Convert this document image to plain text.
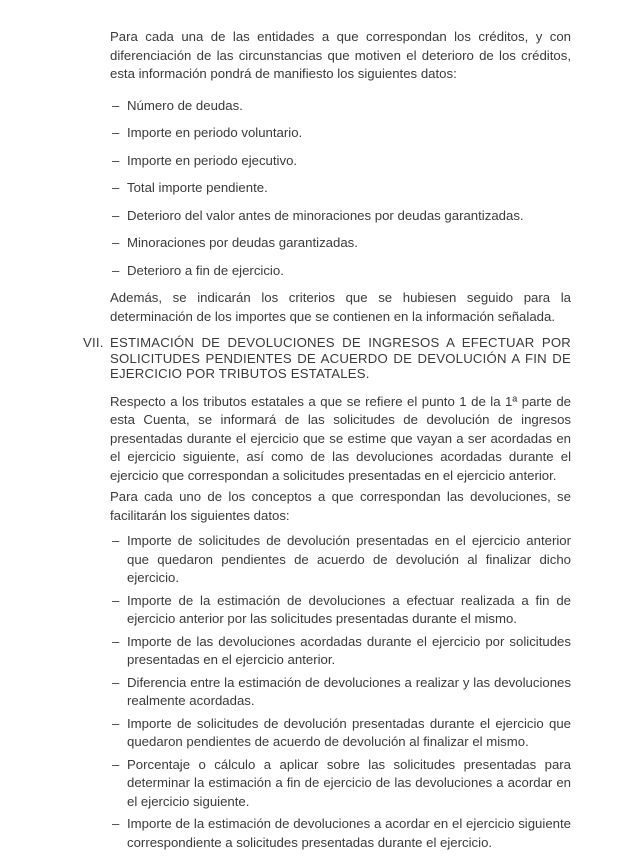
Para cada una de las entidades a que correspondan los créditos, y con diferenciación de las circunstancias que motiven el deterioro de los créditos, esta información pondrá de manifiesto los siguientes datos:

– Número de deudas.
– Importe en periodo voluntario.
– Importe en periodo ejecutivo.
– Total importe pendiente.
– Deterioro del valor antes de minoraciones por deudas garantizadas.
– Minoraciones por deudas garantizadas.
– Deterioro a fin de ejercicio.

Además, se indicarán los criterios que se hubiesen seguido para la determinación de los importes que se contienen en la información señalada.

VII. ESTIMACIÓN DE DEVOLUCIONES DE INGRESOS A EFECTUAR POR SOLICITUDES PENDIENTES DE ACUERDO DE DEVOLUCIÓN A FIN DE EJERCICIO POR TRIBUTOS ESTATALES.

Respecto a los tributos estatales a que se refiere el punto 1 de la 1ª parte de esta Cuenta, se informará de las solicitudes de devolución de ingresos presentadas durante el ejercicio que se estime que vayan a ser acordadas en el ejercicio siguiente, así como de las devoluciones acordadas durante el ejercicio que correspondan a solicitudes presentadas en el ejercicio anterior.

Para cada uno de los conceptos a que correspondan las devoluciones, se facilitarán los siguientes datos:

– Importe de solicitudes de devolución presentadas en el ejercicio anterior que quedaron pendientes de acuerdo de devolución al finalizar dicho ejercicio.
– Importe de la estimación de devoluciones a efectuar realizada a fin de ejercicio anterior por las solicitudes presentadas durante el mismo.
– Importe de las devoluciones acordadas durante el ejercicio por solicitudes presentadas en el ejercicio anterior.
– Diferencia entre la estimación de devoluciones a realizar y las devoluciones realmente acordadas.
– Importe de solicitudes de devolución presentadas durante el ejercicio que quedaron pendientes de acuerdo de devolución al finalizar el mismo.
– Porcentaje o cálculo a aplicar sobre las solicitudes presentadas para determinar la estimación a fin de ejercicio de las devoluciones a acordar en el ejercicio siguiente.
– Importe de la estimación de devoluciones a acordar en el ejercicio siguiente correspondiente a solicitudes presentadas durante el ejercicio.
